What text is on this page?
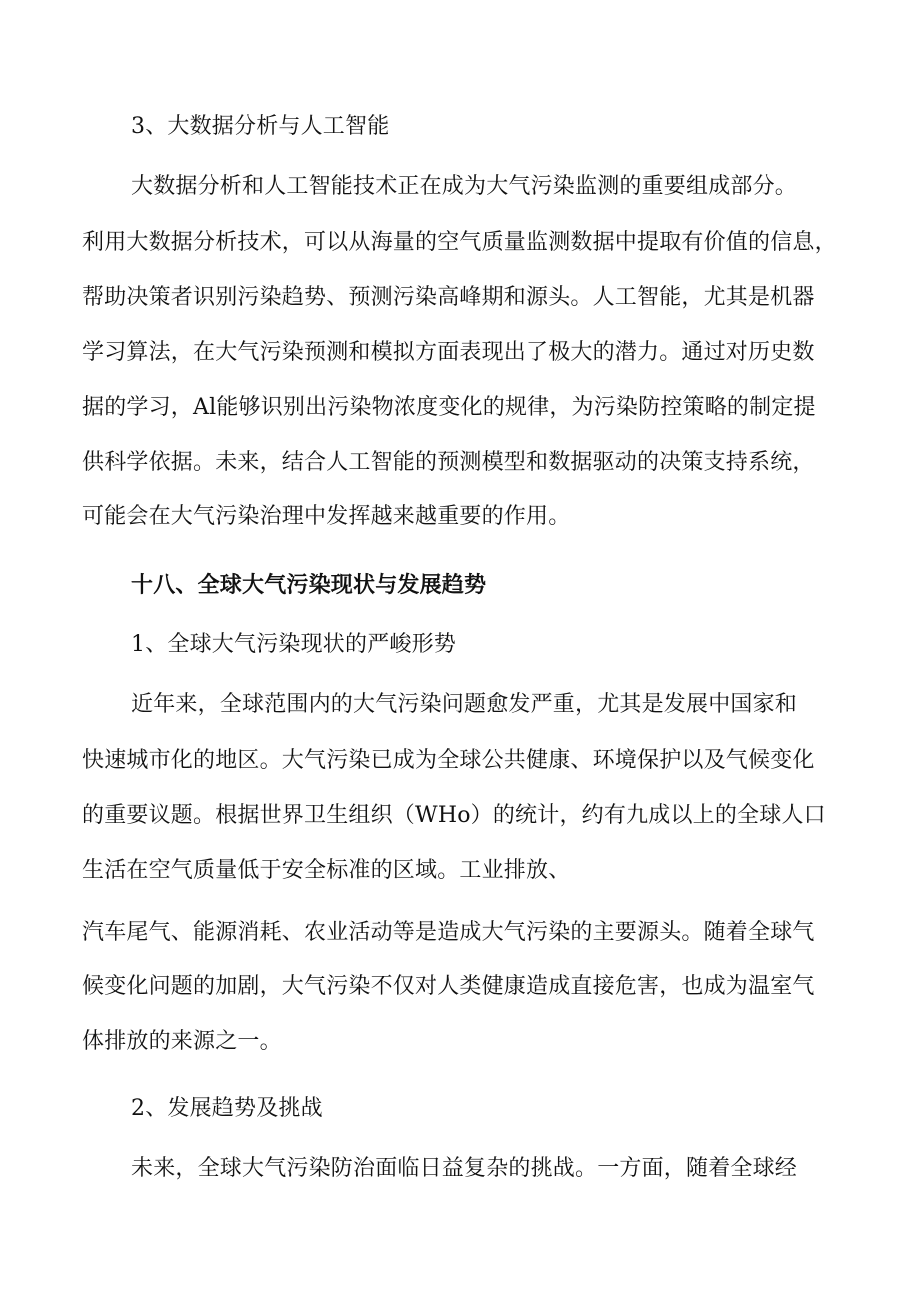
3、大数据分析与人工智能
大数据分析和人工智能技术正在成为大气污染监测的重要组成部分。
利用大数据分析技术，可以从海量的空气质量监测数据中提取有价值的信息，
帮助决策者识别污染趋势、预测污染高峰期和源头。人工智能，尤其是机器
学习算法，在大气污染预测和模拟方面表现出了极大的潜力。通过对历史数
据的学习，Al能够识别出污染物浓度变化的规律，为污染防控策略的制定提
供科学依据。未来，结合人工智能的预测模型和数据驱动的决策支持系统，
可能会在大气污染治理中发挥越来越重要的作用。
十八、全球大气污染现状与发展趋势
1、全球大气污染现状的严峻形势
近年来，全球范围内的大气污染问题愈发严重，尤其是发展中国家和
快速城市化的地区。大气污染已成为全球公共健康、环境保护以及气候变化
的重要议题。根据世界卫生组织（WHo）的统计，约有九成以上的全球人口
生活在空气质量低于安全标准的区域。工业排放、
汽车尾气、能源消耗、农业活动等是造成大气污染的主要源头。随着全球气
候变化问题的加剧，大气污染不仅对人类健康造成直接危害，也成为温室气
体排放的来源之一。
2、发展趋势及挑战
未来，全球大气污染防治面临日益复杂的挑战。一方面，随着全球经
